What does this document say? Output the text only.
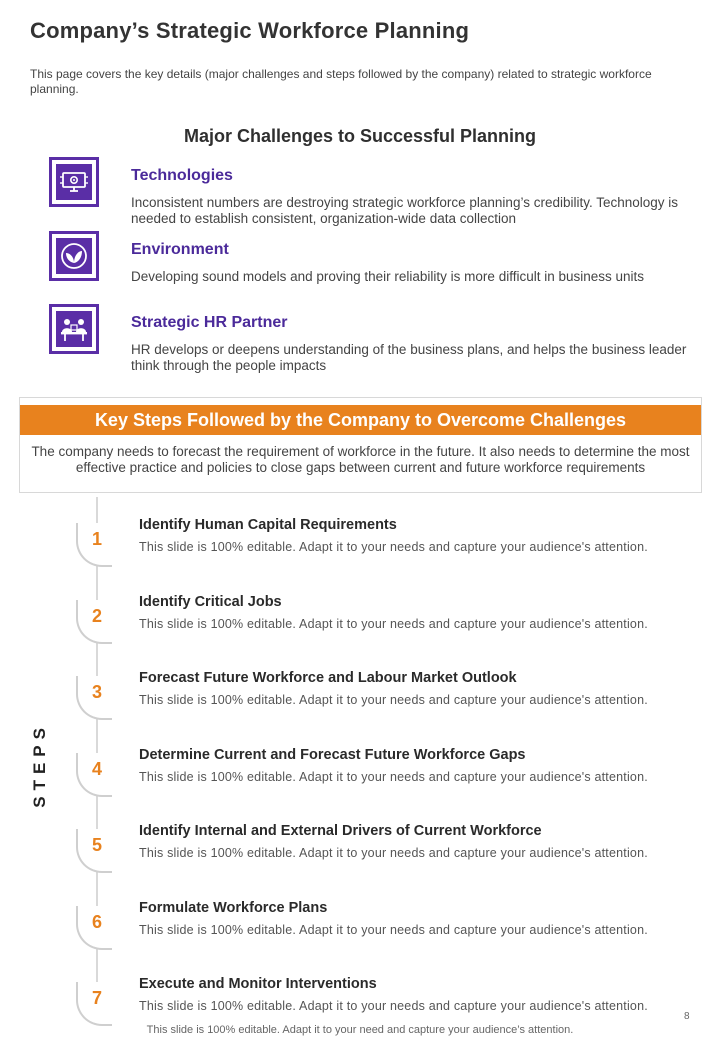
Company’s Strategic Workforce Planning
This page covers the key details (major challenges and steps followed by the company) related to strategic workforce planning.
Major Challenges to Successful Planning
Technologies
Inconsistent numbers are destroying strategic workforce planning’s credibility. Technology is needed to establish consistent, organization-wide data collection
Environment
Developing sound models and proving their reliability is more difficult in business units
Strategic HR Partner
HR develops or deepens understanding of the business plans, and helps the business leader think through the people impacts
Key Steps Followed by the Company to Overcome Challenges
The company needs to forecast the requirement of workforce in the future. It also needs to determine the most effective practice and policies to close gaps between current and future workforce requirements
STEPS
1
Identify Human Capital Requirements
This slide is 100% editable. Adapt it to your needs and capture your audience's attention.
2
Identify Critical Jobs
This slide is 100% editable. Adapt it to your needs and capture your audience's attention.
3
Forecast Future Workforce and Labour Market Outlook
This slide is 100% editable. Adapt it to your needs and capture your audience's attention.
4
Determine Current and Forecast Future Workforce Gaps
This slide is 100% editable. Adapt it to your needs and capture your audience's attention.
5
Identify Internal and External Drivers of Current Workforce
This slide is 100% editable. Adapt it to your needs and capture your audience's attention.
6
Formulate Workforce Plans
This slide is 100% editable. Adapt it to your needs and capture your audience's attention.
7
Execute and Monitor Interventions
This slide is 100% editable. Adapt it to your needs and capture your audience's attention.
8
This slide is 100% editable. Adapt it to your need and capture your audience’s attention.
